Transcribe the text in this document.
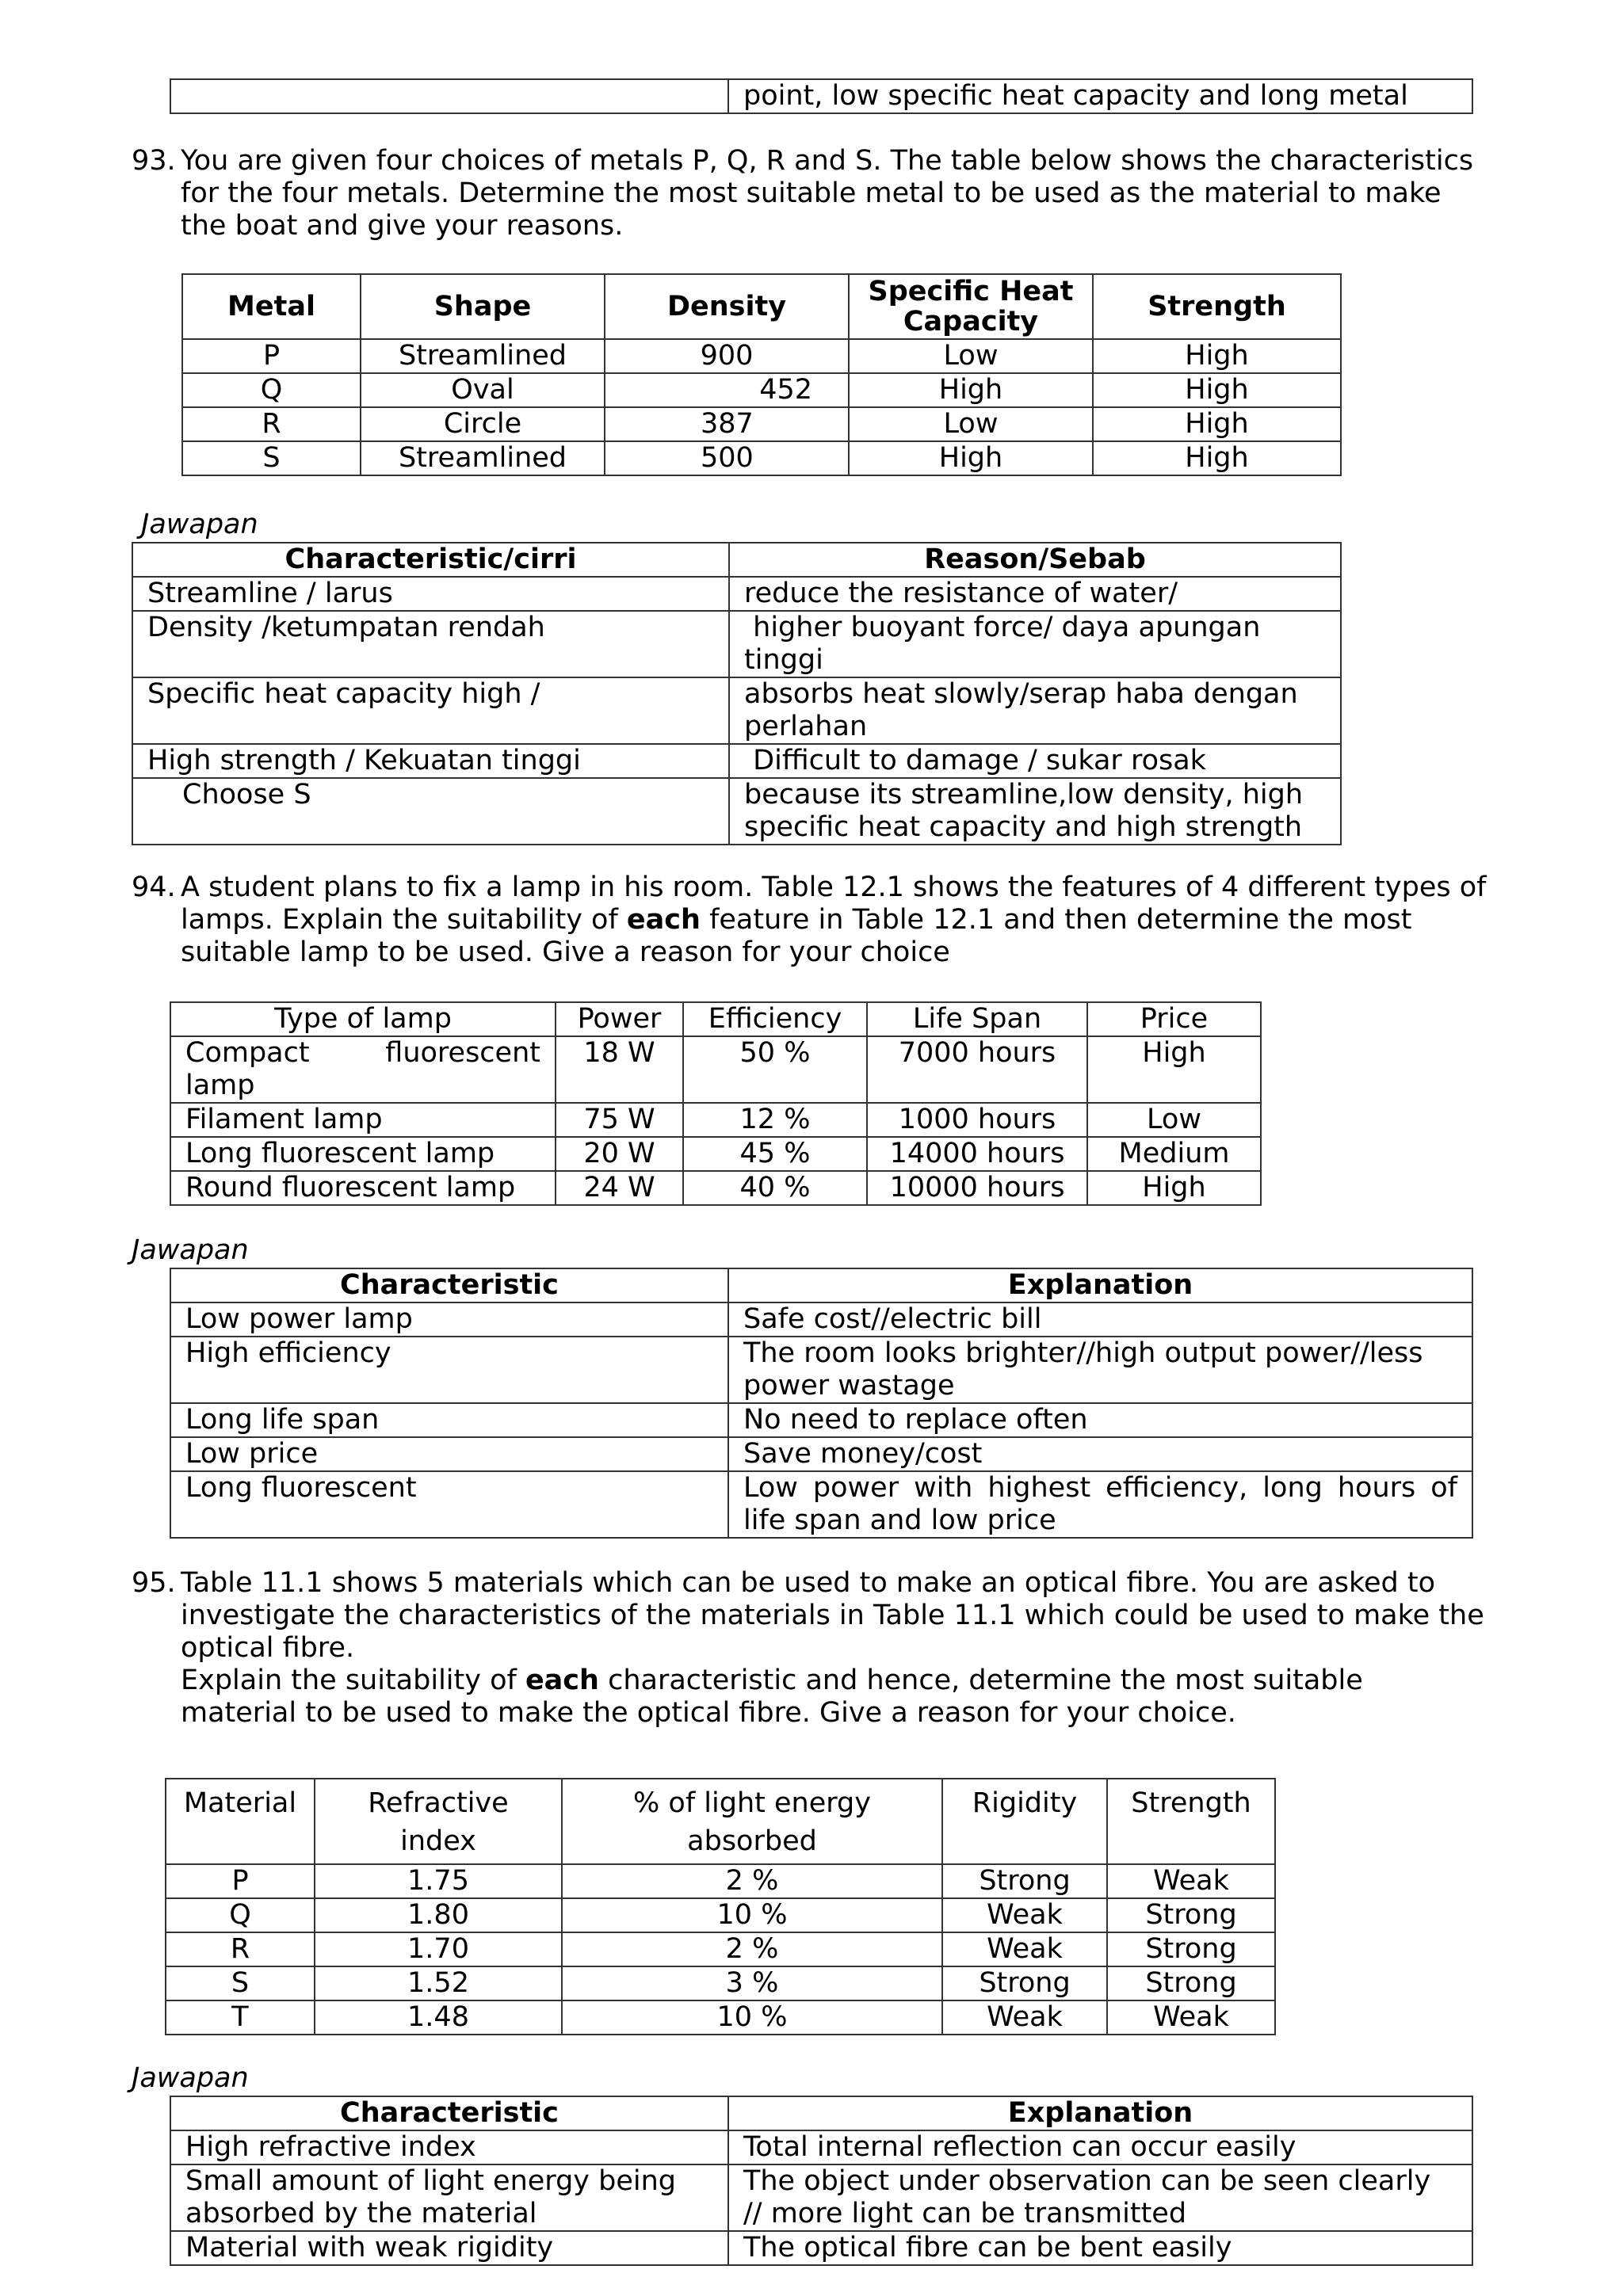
	point, low specific heat capacity and long metal
93. You are given four choices of metals P, Q, R and S. The table below shows the characteristics for the four metals. Determine the most suitable metal to be used as the material to make the boat and give your reasons.
Metal	Shape	Density	Specific Heat Capacity	Strength
P	Streamlined	900	Low	High
Q	Oval	452	High	High
R	Circle	387	Low	High
S	Streamlined	500	High	High
Jawapan
Characteristic/cirri	Reason/Sebab
Streamline / larus	reduce the resistance of water/
Density /ketumpatan rendah	higher buoyant force/ daya apungan tinggi
Specific heat capacity high /	absorbs heat slowly/serap haba dengan perlahan
High strength / Kekuatan tinggi	Difficult to damage / sukar rosak
Choose S	because its streamline,low density, high specific heat capacity and high strength
94. A student plans to fix a lamp in his room. Table 12.1 shows the features of 4 different types of lamps. Explain the suitability of each feature in Table 12.1 and then determine the most suitable lamp to be used. Give a reason for your choice
Type of lamp	Power	Efficiency	Life Span	Price
Compact fluorescent lamp	18 W	50 %	7000 hours	High
Filament lamp	75 W	12 %	1000 hours	Low
Long fluorescent lamp	20 W	45 %	14000 hours	Medium
Round fluorescent lamp	24 W	40 %	10000 hours	High
Jawapan
Characteristic	Explanation
Low power lamp	Safe cost//electric bill
High efficiency	The room looks brighter//high output power//less power wastage
Long life span	No need to replace often
Low price	Save money/cost
Long fluorescent	Low power with highest efficiency, long hours of life span and low price
95. Table 11.1 shows 5 materials which can be used to make an optical fibre. You are asked to investigate the characteristics of the materials in Table 11.1 which could be used to make the optical fibre.
Explain the suitability of each characteristic and hence, determine the most suitable material to be used to make the optical fibre. Give a reason for your choice.
Material	Refractive index	% of light energy absorbed	Rigidity	Strength
P	1.75	2 %	Strong	Weak
Q	1.80	10 %	Weak	Strong
R	1.70	2 %	Weak	Strong
S	1.52	3 %	Strong	Strong
T	1.48	10 %	Weak	Weak
Jawapan
Characteristic	Explanation
High refractive index	Total internal reflection can occur easily
Small amount of light energy being absorbed by the material	The object under observation can be seen clearly // more light can be transmitted
Material with weak rigidity	The optical fibre can be bent easily
